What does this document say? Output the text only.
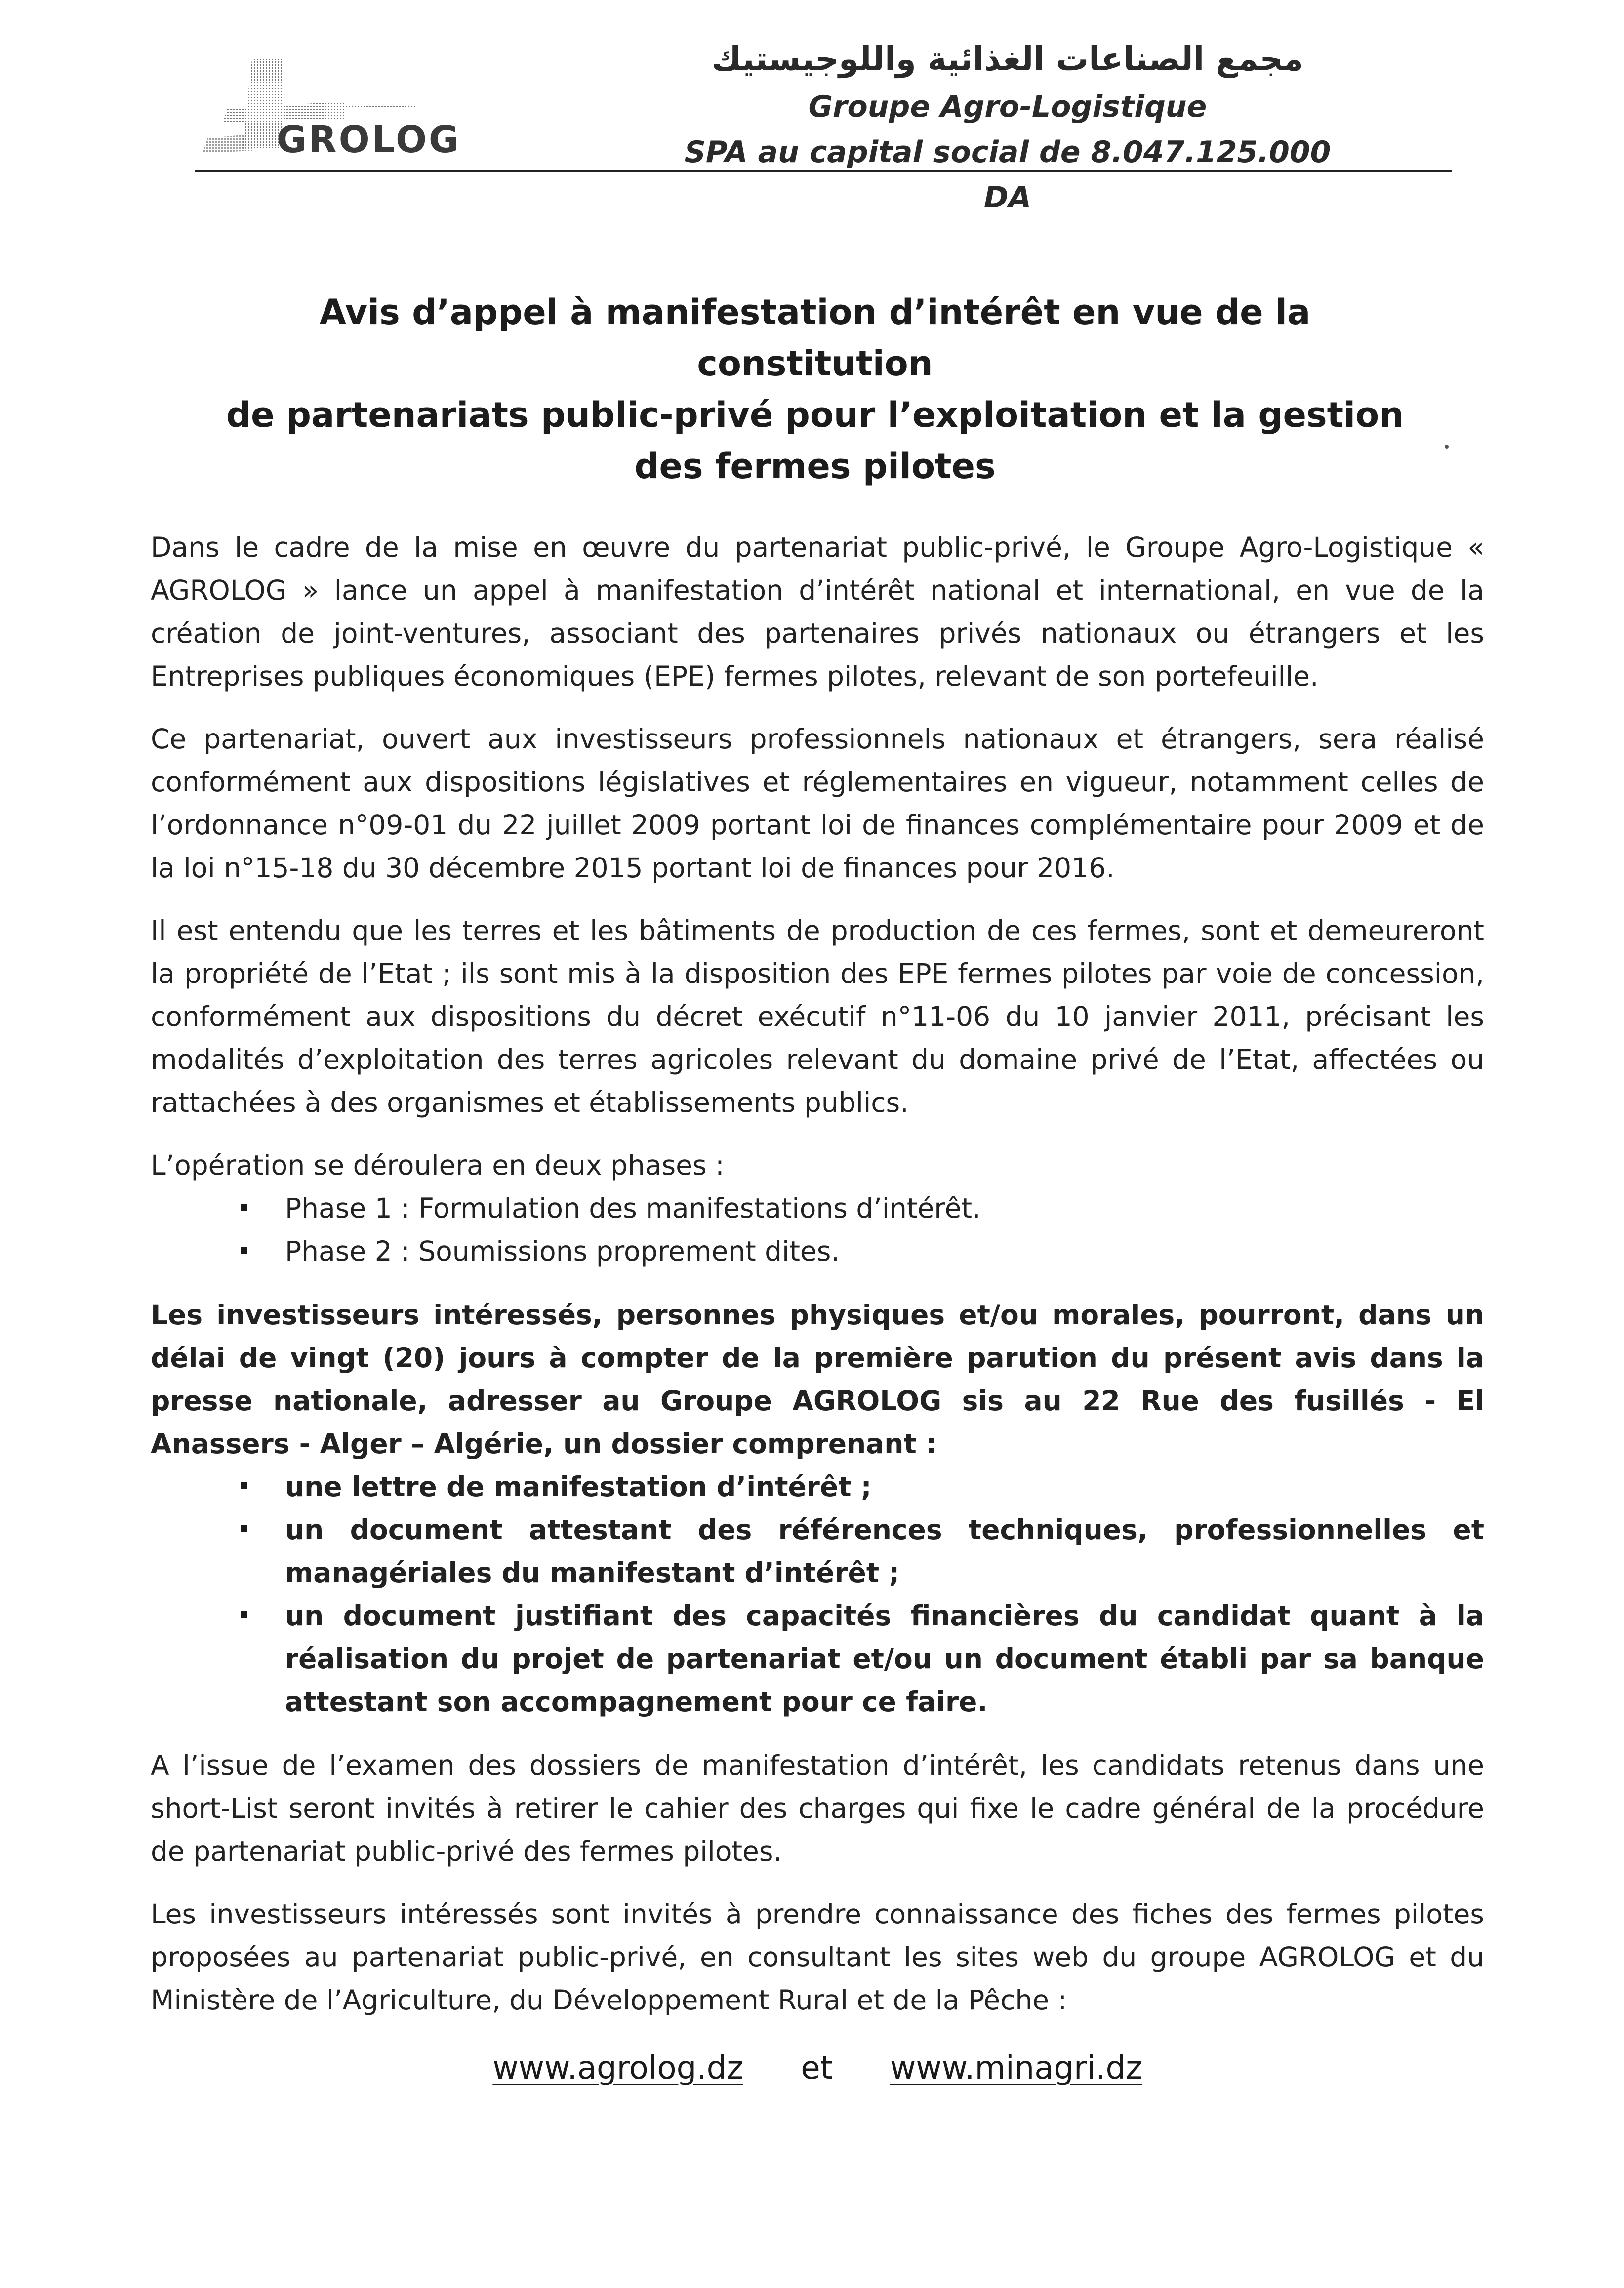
GROLOG
مجمع الصناعات الغذائية واللوجيستيك
Groupe Agro-Logistique
SPA au capital social de 8.047.125.000 DA
Avis d’appel à manifestation d’intérêt en vue de la constitution
de partenariats public-privé pour l’exploitation et la gestion
des fermes pilotes

Dans le cadre de la mise en œuvre du partenariat public-privé, le Groupe Agro-Logistique « AGROLOG » lance un appel à manifestation d’intérêt national et international, en vue de la création de joint-ventures, associant des partenaires privés nationaux ou étrangers et les Entreprises publiques économiques (EPE) fermes pilotes, relevant de son portefeuille.

Ce partenariat, ouvert aux investisseurs professionnels nationaux et étrangers, sera réalisé conformément aux dispositions législatives et réglementaires en vigueur, notamment celles de l’ordonnance n°09-01 du 22 juillet 2009 portant loi de finances complémentaire pour 2009 et de la loi n°15-18 du 30 décembre 2015 portant loi de finances pour 2016.

Il est entendu que les terres et les bâtiments de production de ces fermes, sont et demeureront la propriété de l’Etat ; ils sont mis à la disposition des EPE fermes pilotes par voie de concession, conformément aux dispositions du décret exécutif n°11-06 du 10 janvier 2011, précisant les modalités d’exploitation des terres agricoles relevant du domaine privé de l’Etat, affectées ou rattachées à des organismes et établissements publics.

L’opération se déroulera en deux phases :

Phase 1 : Formulation des manifestations d’intérêt.
Phase 2 : Soumissions proprement dites.

Les investisseurs intéressés, personnes physiques et/ou morales, pourront, dans un délai de vingt (20) jours à compter de la première parution du présent avis dans la presse nationale, adresser au Groupe AGROLOG sis au 22 Rue des fusillés - El Anassers - Alger – Algérie, un dossier comprenant :

une lettre de manifestation d’intérêt ;
un document attestant des références techniques, professionnelles et managériales du manifestant d’intérêt ;
un document justifiant des capacités financières du candidat quant à la réalisation du projet de partenariat et/ou un document établi par sa banque attestant son accompagnement pour ce faire.

A l’issue de l’examen des dossiers de manifestation d’intérêt, les candidats retenus dans une short-List seront invités à retirer le cahier des charges qui fixe le cadre général de la procédure de partenariat public-privé des fermes pilotes.

Les investisseurs intéressés sont invités à prendre connaissance des fiches des fermes pilotes proposées au partenariat public-privé, en consultant les sites web du groupe AGROLOG et du Ministère de l’Agriculture, du Développement Rural et de la Pêche :

www.agrolog.dz et www.minagri.dz
